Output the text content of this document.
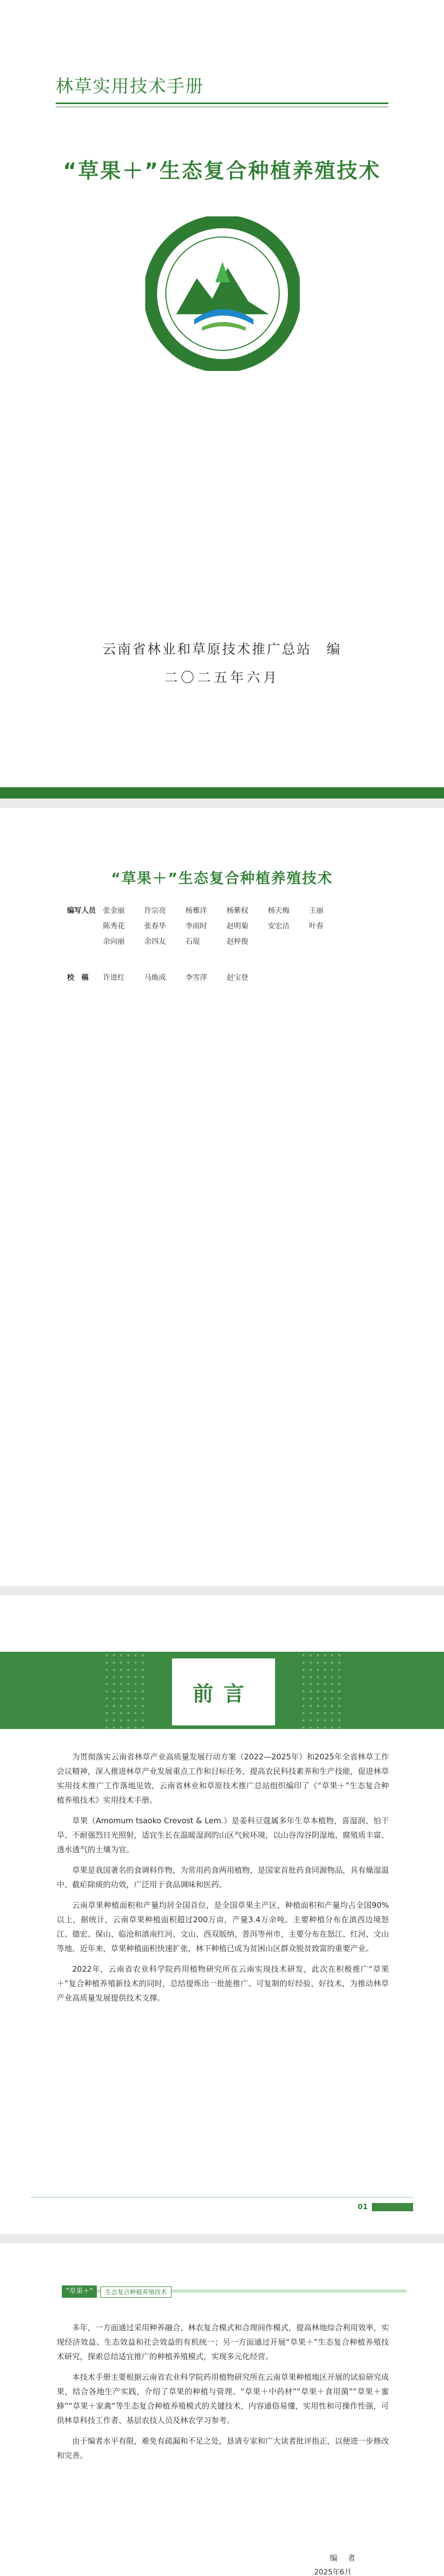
林草实用技术手册
“草果＋”生态复合种植养殖技术
云南省林业和草原技术推广总站　编
二〇二五年六月
“草果＋”生态复合种植养殖技术
编写人员	张金丽	许宗亮	杨雅洋	杨紫权	杨天梅	王丽
陈秀花	张春华	李雨时	赵明菊	安宏洁	叶春
余向丽	余四友	石琨	赵梓俊
校　稿	许进红	马焕成	李雪萍	赵宝登
前言

为贯彻落实云南省林草产业高质量发展行动方案（2022—2025年）和2025年全省林草工作会议精神，深入推进林草产业发展重点工作和目标任务，提高农民科技素养和生产技能，促进林草实用技术推广工作落地见效，云南省林业和草原技术推广总站组织编印了《“草果＋”生态复合种植养殖技术》实用技术手册。

草果（Amomum tsaoko Crevost & Lem.）是姜科豆蔻属多年生草本植物，喜湿润、怕干旱、不耐强烈日光照射，适宜生长在温暖湿润的山区气候环境，以山谷沟谷阴湿地、腐殖质丰富、透水透气的土壤为宜。

草果是我国著名的食调料作物，为常用药食两用植物，是国家首批药食同源物品，具有燥湿温中、截疟除痰的功效，广泛用于食品调味和医药。

云南草果种植面积和产量均居全国首位，是全国草果主产区，种植面积和产量均占全国90%以上，据统计，云南草果种植面积超过200万亩，产量3.4万余吨。主要种植分布在滇西边境怒江、德宏、保山、临沧和滇南红河、文山、西双版纳、普洱等州市，主要分布在怒江、红河、文山等地。近年来，草果种植面积快速扩张，林下种植已成为贫困山区群众脱贫致富的重要产业。

2022年，云南省农业科学院药用植物研究所在云南实现技术研发，此次在积极推广“草果＋”复合种植养殖新技术的同时，总结提炼出一批能推广、可复制的好经验、好技术，为推动林草产业高质量发展提供技术支撑。

01
“草果＋”	生态复合种植养殖技术

多年，一方面通过采用种养融合、林农复合模式和合理间作模式，提高林地综合利用效率，实现经济效益、生态效益和社会效益的有机统一；另一方面通过开展“草果＋”生态复合种植养殖技术研究，探索总结适宜推广的种植养殖模式，实现多元化经营。

本技术手册主要根据云南省农业科学院药用植物研究所在云南草果种植地区开展的试验研究成果，结合各地生产实践，介绍了草果的种植与管理、“草果＋中药材”“草果＋食用菌”“草果＋蜜蜂”“草果＋家禽”等生态复合种植养殖模式的关键技术，内容通俗易懂，实用性和可操作性强，可供林草科技工作者、基层农技人员及林农学习参考。

由于编者水平有限，难免有疏漏和不足之处，恳请专家和广大读者批评指正，以便进一步修改和完善。

编者
2025年6月
